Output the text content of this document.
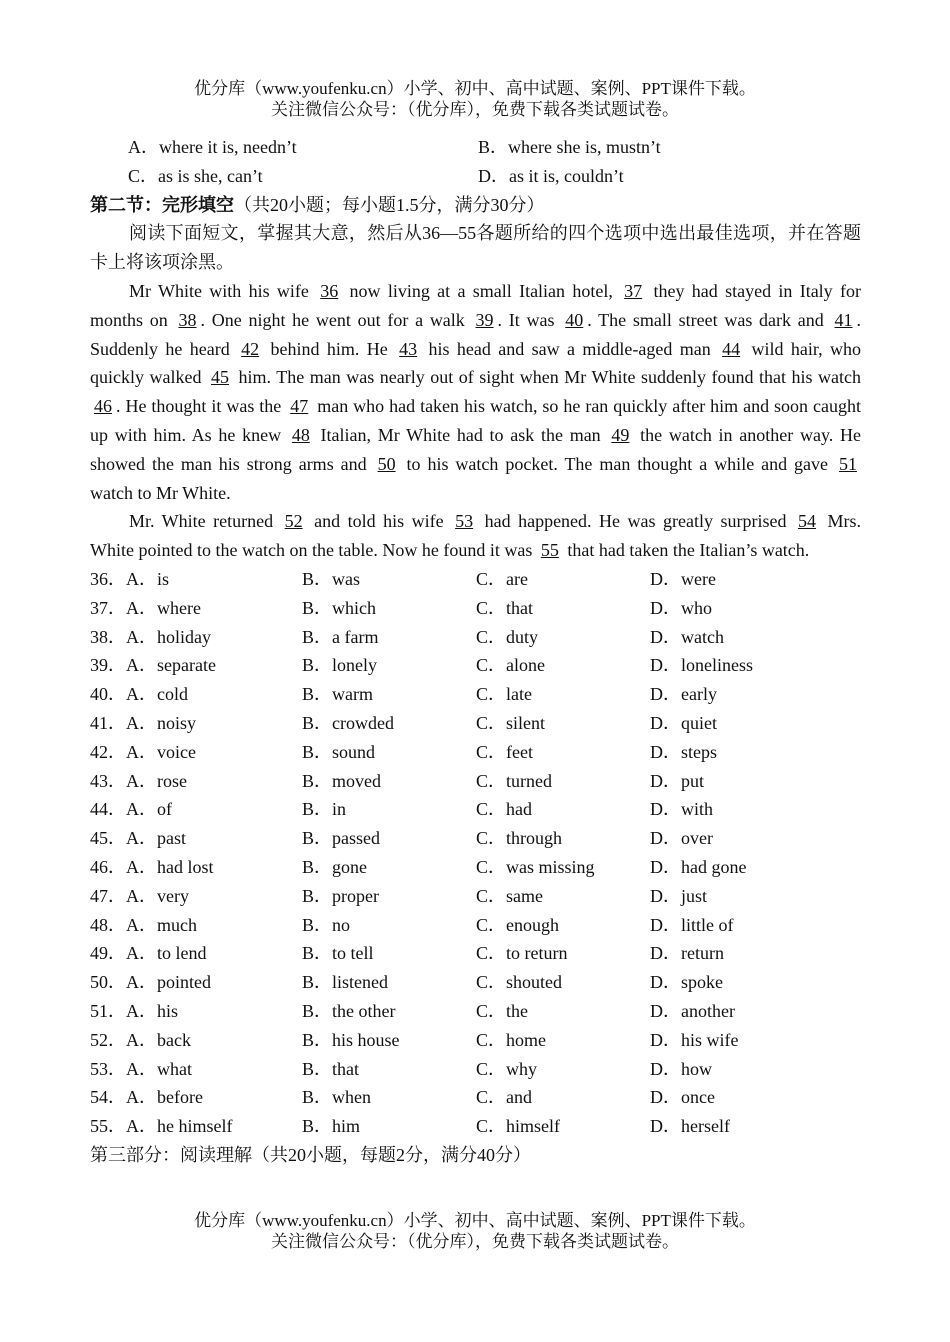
优分库（www.youfenku.cn）小学、初中、高中试题、案例、PPT课件下载。
关注微信公众号：（优分库），免费下载各类试题试卷。
A．where it is, needn’t	B．where she is, mustn’t
C．as is she, can’t	D．as it is, couldn’t
第二节：完形填空（共20小题；每小题1.5分，满分30分）
阅读下面短文，掌握其大意，然后从36—55各题所给的四个选项中选出最佳选项，并在答题卡上将该项涂黑。
Mr White with his wife 36 now living at a small Italian hotel, 37 they had stayed in Italy for months on 38 . One night he went out for a walk 39 . It was 40 . The small street was dark and 41 . Suddenly he heard 42 behind him. He 43 his head and saw a middle-aged man 44 wild hair, who quickly walked 45 him. The man was nearly out of sight when Mr White suddenly found that his watch 46 . He thought it was the 47 man who had taken his watch, so he ran quickly after him and soon caught up with him. As he knew 48 Italian, Mr White had to ask the man 49 the watch in another way. He showed the man his strong arms and 50 to his watch pocket. The man thought a while and gave 51 watch to Mr White.
Mr. White returned 52 and told his wife 53 had happened. He was greatly surprised 54 Mrs. White pointed to the watch on the table. Now he found it was 55 that had taken the Italian’s watch.
36．A．is	B．was	C．are	D．were
37．A．where	B．which	C．that	D．who
38．A．holiday	B．a farm	C．duty	D．watch
39．A．separate	B．lonely	C．alone	D．loneliness
40．A．cold	B．warm	C．late	D．early
41．A．noisy	B．crowded	C．silent	D．quiet
42．A．voice	B．sound	C．feet	D．steps
43．A．rose	B．moved	C．turned	D．put
44．A．of	B．in	C．had	D．with
45．A．past	B．passed	C．through	D．over
46．A．had lost	B．gone	C．was missing	D．had gone
47．A．very	B．proper	C．same	D．just
48．A．much	B．no	C．enough	D．little of
49．A．to lend	B．to tell	C．to return	D．return
50．A．pointed	B．listened	C．shouted	D．spoke
51．A．his	B．the other	C．the	D．another
52．A．back	B．his house	C．home	D．his wife
53．A．what	B．that	C．why	D．how
54．A．before	B．when	C．and	D．once
55．A．he himself	B．him	C．himself	D．herself
第三部分：阅读理解（共20小题，每题2分，满分40分）
优分库（www.youfenku.cn）小学、初中、高中试题、案例、PPT课件下载。
关注微信公众号：（优分库），免费下载各类试题试卷。
